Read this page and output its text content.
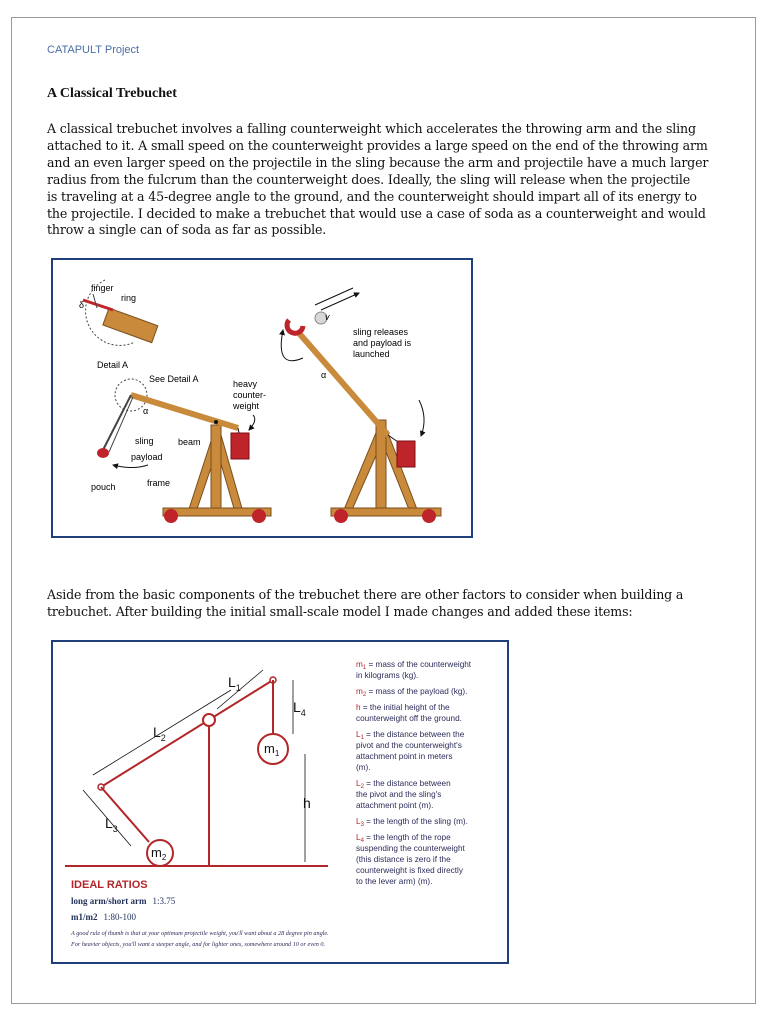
CATAPULT Project
A Classical Trebuchet
A classical trebuchet involves a falling counterweight which accelerates the throwing arm and the sling
attached to it. A small speed on the counterweight provides a large speed on the end of the throwing arm
and an even larger speed on the projectile in the sling because the arm and projectile have a much larger
radius from the fulcrum than the counterweight does. Ideally, the sling will release when the projectile
is traveling at a 45-degree angle to the ground, and the counterweight should impart all of its energy to
the projectile. I decided to make a trebuchet that would use a case of soda as a counterweight and would
throw a single can of soda as far as possible.
finger
ring
δ
Detail A
See Detail A
α
sling	beam
payload
pouch	frame
heavy
counter-
weight
v
sling releases
and payload is
launched
α
Aside from the basic components of the trebuchet there are other factors to consider when building a
trebuchet. After building the initial small-scale model I made changes and added these items:
$L_2$
$L_1$
$L_4$
$L_3$
$m_1$
$m_2$
h
$m_1$ = mass of the counterweight in kilograms (kg).
$m_2$ = mass of the payload (kg).
h = the initial height of the counterweight off the ground.
$L_1$ = the distance between the pivot and the counterweight's attachment point in meters (m).
$L_2$ = the distance between the pivot and the sling's attachment point (m).
$L_3$ = the length of the sling (m).
$L_4$ = the length of the rope suspending the counterweight (this distance is zero if the counterweight is fixed directly to the lever arm) (m).
IDEAL RATIOS
long arm/short arm 1:3.75
m1/m2 1:80-100
A good rule of thumb is that at your optimum projectile weight, you'll want about a 28 degree pin angle.
For heavier objects, you'll want a steeper angle, and for lighter ones, somewhere around 10 or even 0.
